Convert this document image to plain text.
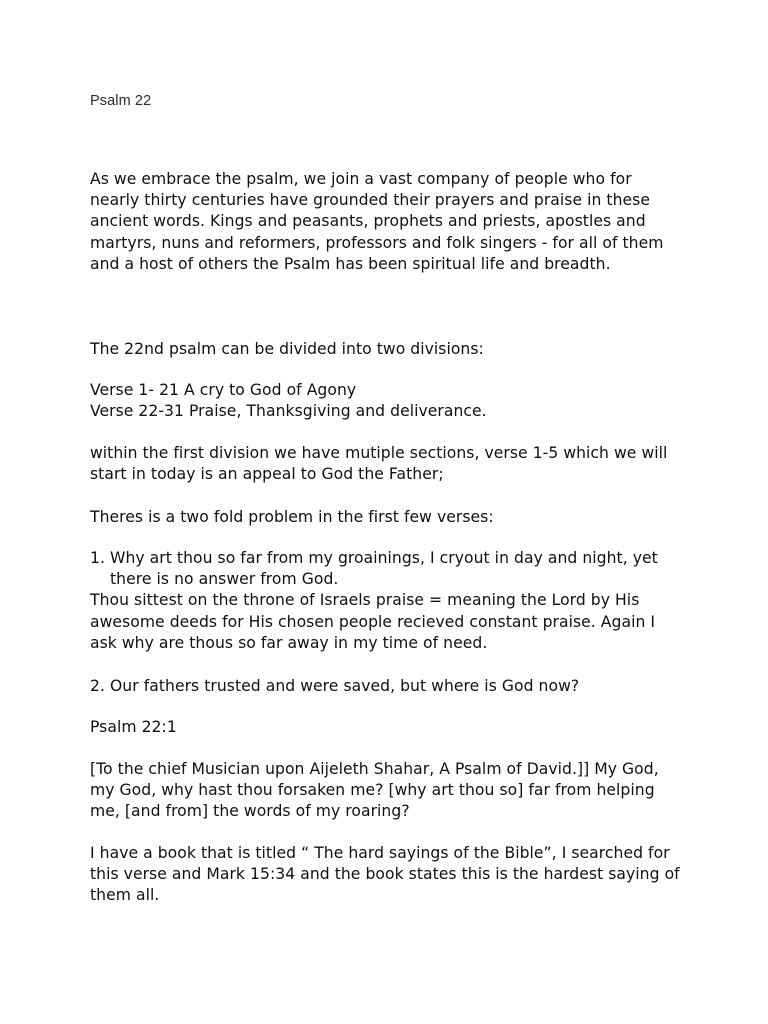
Psalm 22

As we embrace the psalm, we join a vast company of people who for
nearly thirty centuries have grounded their prayers and praise in these
ancient words. Kings and peasants, prophets and priests, apostles and
martyrs, nuns and reformers, professors and folk singers - for all of them
and a host of others the Psalm has been spiritual life and breadth.

The 22nd psalm can be divided into two divisions:

Verse 1- 21 A cry to God of Agony
Verse 22-31 Praise, Thanksgiving and deliverance.

within the first division we have mutiple sections, verse 1-5 which we will
start in today is an appeal to God the Father;

Theres is a two fold problem in the first few verses:

1. Why art thou so far from my groainings, I cryout in day and night, yet
there is no answer from God.
Thou sittest on the throne of Israels praise = meaning the Lord by His
awesome deeds for His chosen people recieved constant praise. Again I
ask why are thous so far away in my time of need.

2. Our fathers trusted and were saved, but where is God now?

Psalm 22:1

[To the chief Musician upon Aijeleth Shahar, A Psalm of David.]] My God,
my God, why hast thou forsaken me? [why art thou so] far from helping
me, [and from] the words of my roaring?

I have a book that is titled “ The hard sayings of the Bible”, I searched for
this verse and Mark 15:34 and the book states this is the hardest saying of
them all.
